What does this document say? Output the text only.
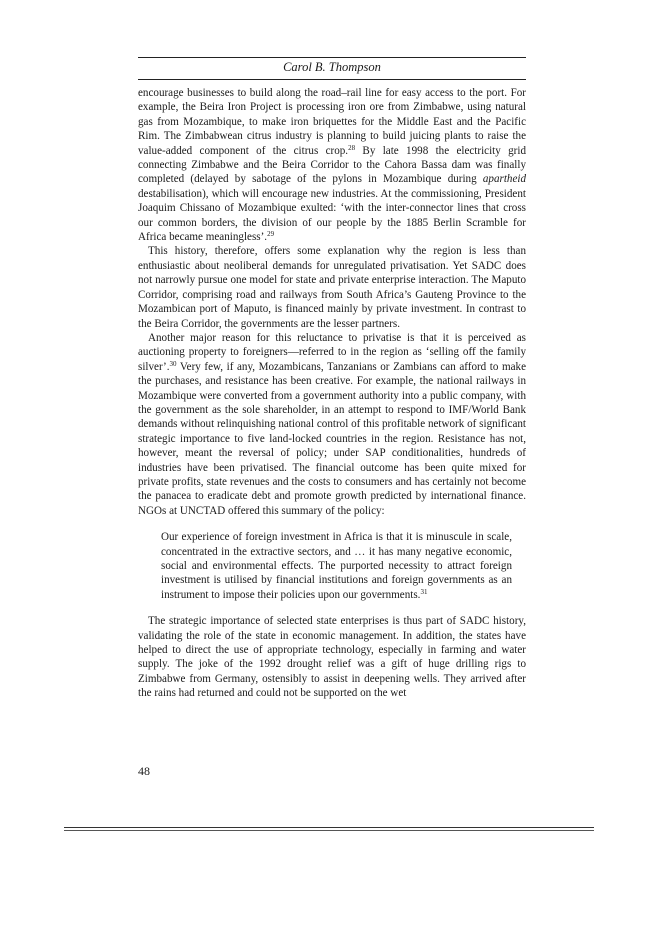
Carol B. Thompson

encourage businesses to build along the road–rail line for easy access to the port. For example, the Beira Iron Project is processing iron ore from Zimbabwe, using natural gas from Mozambique, to make iron briquettes for the Middle East and the Pacific Rim. The Zimbabwean citrus industry is planning to build juicing plants to raise the value-added component of the citrus crop.$^{28}$ By late 1998 the electricity grid connecting Zimbabwe and the Beira Corridor to the Cahora Bassa dam was finally completed (delayed by sabotage of the pylons in Mozambique during apartheid destabilisation), which will encourage new industries. At the commissioning, President Joaquim Chissano of Mozambique exulted: ‘with the inter-connector lines that cross our common borders, the division of our people by the 1885 Berlin Scramble for Africa became meaningless’.$^{29}$

This history, therefore, offers some explanation why the region is less than enthusiastic about neoliberal demands for unregulated privatisation. Yet SADC does not narrowly pursue one model for state and private enterprise interaction. The Maputo Corridor, comprising road and railways from South Africa’s Gauteng Province to the Mozambican port of Maputo, is financed mainly by private investment. In contrast to the Beira Corridor, the governments are the lesser partners.

Another major reason for this reluctance to privatise is that it is perceived as auctioning property to foreigners—referred to in the region as ‘selling off the family silver’.$^{30}$ Very few, if any, Mozambicans, Tanzanians or Zambians can afford to make the purchases, and resistance has been creative. For example, the national railways in Mozambique were converted from a government authority into a public company, with the government as the sole shareholder, in an attempt to respond to IMF/World Bank demands without relinquishing national control of this profitable network of significant strategic importance to five land-locked countries in the region. Resistance has not, however, meant the reversal of policy; under SAP conditionalities, hundreds of industries have been privatised. The financial outcome has been quite mixed for private profits, state revenues and the costs to consumers and has certainly not become the panacea to eradicate debt and promote growth predicted by international finance. NGOs at UNCTAD offered this summary of the policy:

Our experience of foreign investment in Africa is that it is minuscule in scale, concentrated in the extractive sectors, and … it has many negative economic, social and environmental effects. The purported necessity to attract foreign investment is utilised by financial institutions and foreign governments as an instrument to impose their policies upon our governments.$^{31}$

The strategic importance of selected state enterprises is thus part of SADC history, validating the role of the state in economic management. In addition, the states have helped to direct the use of appropriate technology, especially in farming and water supply. The joke of the 1992 drought relief was a gift of huge drilling rigs to Zimbabwe from Germany, ostensibly to assist in deepening wells. They arrived after the rains had returned and could not be supported on the wet

48
